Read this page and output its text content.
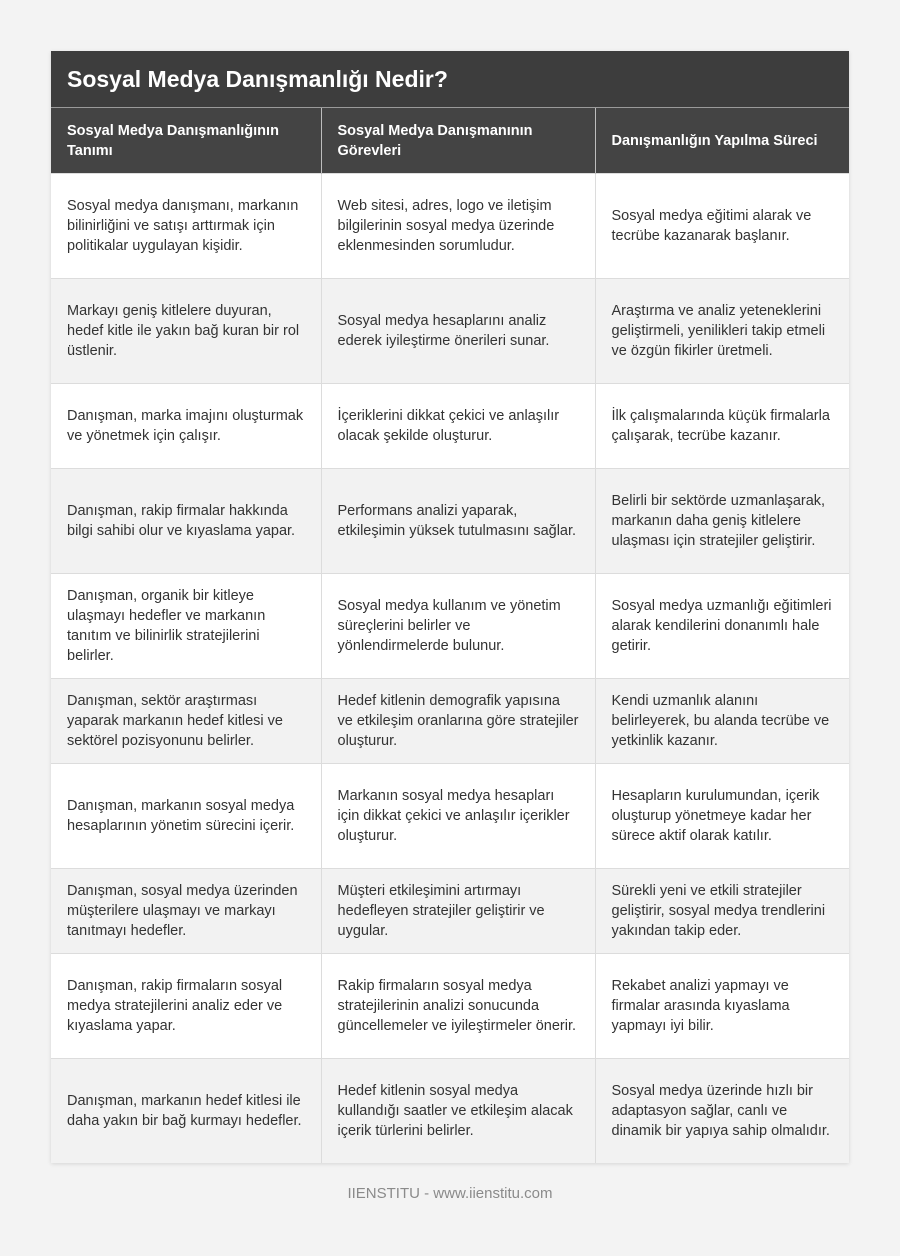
Sosyal Medya Danışmanlığı Nedir?
Sosyal Medya Danışmanlığının Tanımı	Sosyal Medya Danışmanının Görevleri	Danışmanlığın Yapılma Süreci
Sosyal medya danışmanı, markanın bilinirliğini ve satışı arttırmak için politikalar uygulayan kişidir.	Web sitesi, adres, logo ve iletişim bilgilerinin sosyal medya üzerinde eklenmesinden sorumludur.	Sosyal medya eğitimi alarak ve tecrübe kazanarak başlanır.
Markayı geniş kitlelere duyuran, hedef kitle ile yakın bağ kuran bir rol üstlenir.	Sosyal medya hesaplarını analiz ederek iyileştirme önerileri sunar.	Araştırma ve analiz yeteneklerini geliştirmeli, yenilikleri takip etmeli ve özgün fikirler üretmeli.
Danışman, marka imajını oluşturmak ve yönetmek için çalışır.	İçeriklerini dikkat çekici ve anlaşılır olacak şekilde oluşturur.	İlk çalışmalarında küçük firmalarla çalışarak, tecrübe kazanır.
Danışman, rakip firmalar hakkında bilgi sahibi olur ve kıyaslama yapar.	Performans analizi yaparak, etkileşimin yüksek tutulmasını sağlar.	Belirli bir sektörde uzmanlaşarak, markanın daha geniş kitlelere ulaşması için stratejiler geliştirir.
Danışman, organik bir kitleye ulaşmayı hedefler ve markanın tanıtım ve bilinirlik stratejilerini belirler.	Sosyal medya kullanım ve yönetim süreçlerini belirler ve yönlendirmelerde bulunur.	Sosyal medya uzmanlığı eğitimleri alarak kendilerini donanımlı hale getirir.
Danışman, sektör araştırması yaparak markanın hedef kitlesi ve sektörel pozisyonunu belirler.	Hedef kitlenin demografik yapısına ve etkileşim oranlarına göre stratejiler oluşturur.	Kendi uzmanlık alanını belirleyerek, bu alanda tecrübe ve yetkinlik kazanır.
Danışman, markanın sosyal medya hesaplarının yönetim sürecini içerir.	Markanın sosyal medya hesapları için dikkat çekici ve anlaşılır içerikler oluşturur.	Hesapların kurulumundan, içerik oluşturup yönetmeye kadar her sürece aktif olarak katılır.
Danışman, sosyal medya üzerinden müşterilere ulaşmayı ve markayı tanıtmayı hedefler.	Müşteri etkileşimini artırmayı hedefleyen stratejiler geliştirir ve uygular.	Sürekli yeni ve etkili stratejiler geliştirir, sosyal medya trendlerini yakından takip eder.
Danışman, rakip firmaların sosyal medya stratejilerini analiz eder ve kıyaslama yapar.	Rakip firmaların sosyal medya stratejilerinin analizi sonucunda güncellemeler ve iyileştirmeler önerir.	Rekabet analizi yapmayı ve firmalar arasında kıyaslama yapmayı iyi bilir.
Danışman, markanın hedef kitlesi ile daha yakın bir bağ kurmayı hedefler.	Hedef kitlenin sosyal medya kullandığı saatler ve etkileşim alacak içerik türlerini belirler.	Sosyal medya üzerinde hızlı bir adaptasyon sağlar, canlı ve dinamik bir yapıya sahip olmalıdır.
IIENSTITU - www.iienstitu.com
